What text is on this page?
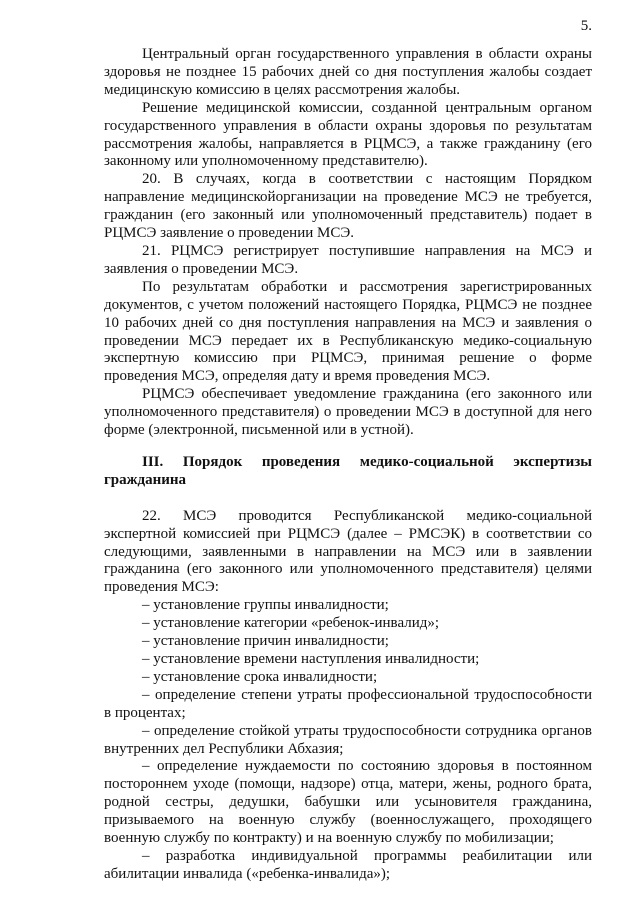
5.

Центральный орган государственного управления в области охраны здоровья не позднее 15 рабочих дней со дня поступления жалобы создает медицинскую комиссию в целях рассмотрения жалобы.

Решение медицинской комиссии, созданной центральным органом государственного управления в области охраны здоровья по результатам рассмотрения жалобы, направляется в РЦМСЭ, а также гражданину (его законному или уполномоченному представителю).

20. В случаях, когда в соответствии с настоящим Порядком направление медицинскойорганизации на проведение МСЭ не требуется, гражданин (его законный или уполномоченный представитель) подает в РЦМСЭ заявление о проведении МСЭ.

21. РЦМСЭ регистрирует поступившие направления на МСЭ и заявления о проведении МСЭ.

По результатам обработки и рассмотрения зарегистрированных документов, с учетом положений настоящего Порядка, РЦМСЭ не позднее 10 рабочих дней со дня поступления направления на МСЭ и заявления о проведении МСЭ передает их в Республиканскую медико-социальную экспертную комиссию при РЦМСЭ, принимая решение о форме проведения МСЭ, определяя дату и время проведения МСЭ.

РЦМСЭ обеспечивает уведомление гражданина (его законного или уполномоченного представителя) о проведении МСЭ в доступной для него форме (электронной, письменной или в устной).

III. Порядок проведения медико-социальной экспертизы гражданина

22. МСЭ проводится Республиканской медико-социальной экспертной комиссией при РЦМСЭ (далее – РМСЭК) в соответствии со следующими, заявленными в направлении на МСЭ или в заявлении гражданина (его законного или уполномоченного представителя) целями проведения МСЭ:

– установление группы инвалидности;

– установление категории «ребенок-инвалид»;

– установление причин инвалидности;

– установление времени наступления инвалидности;

– установление срока инвалидности;

– определение степени утраты профессиональной трудоспособности в процентах;

– определение стойкой утраты трудоспособности сотрудника органов внутренних дел Республики Абхазия;

– определение нуждаемости по состоянию здоровья в постоянном постороннем уходе (помощи, надзоре) отца, матери, жены, родного брата, родной сестры, дедушки, бабушки или усыновителя гражданина, призываемого на военную службу (военнослужащего, проходящего военную службу по контракту) и на военную службу по мобилизации;

– разработка индивидуальной программы реабилитации или абилитации инвалида («ребенка-инвалида»);
